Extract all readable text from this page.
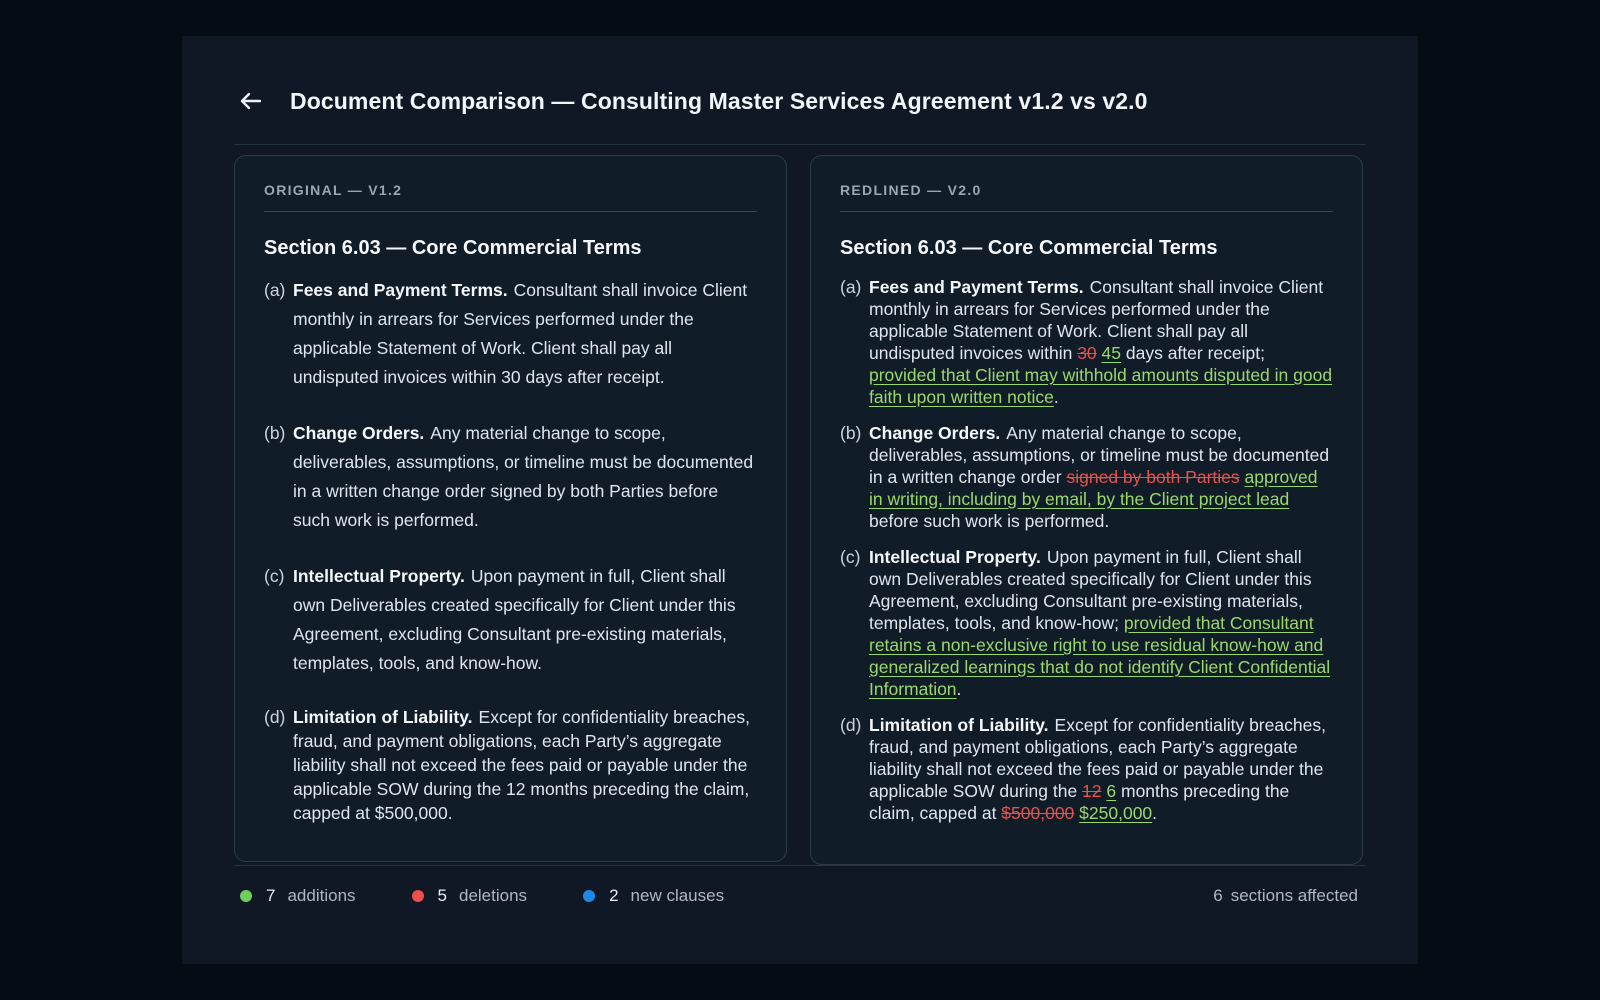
Document Comparison — Consulting Master Services Agreement v1.2 vs v2.0
ORIGINAL — V1.2
Section 6.03 — Core Commercial Terms
(a) Fees and Payment Terms. Consultant shall invoice Client monthly in arrears for Services performed under the applicable Statement of Work. Client shall pay all undisputed invoices within 30 days after receipt.
(b) Change Orders. Any material change to scope, deliverables, assumptions, or timeline must be documented in a written change order signed by both Parties before such work is performed.
(c) Intellectual Property. Upon payment in full, Client shall own Deliverables created specifically for Client under this Agreement, excluding Consultant pre-existing materials, templates, tools, and know-how.
(d) Limitation of Liability. Except for confidentiality breaches, fraud, and payment obligations, each Party’s aggregate liability shall not exceed the fees paid or payable under the applicable SOW during the 12 months preceding the claim, capped at $500,000.
REDLINED — V2.0
Section 6.03 — Core Commercial Terms
(a) Fees and Payment Terms. Consultant shall invoice Client monthly in arrears for Services performed under the applicable Statement of Work. Client shall pay all undisputed invoices within 30 45 days after receipt; provided that Client may withhold amounts disputed in good faith upon written notice.
(b) Change Orders. Any material change to scope, deliverables, assumptions, or timeline must be documented in a written change order signed by both Parties approved in writing, including by email, by the Client project lead before such work is performed.
(c) Intellectual Property. Upon payment in full, Client shall own Deliverables created specifically for Client under this Agreement, excluding Consultant pre-existing materials, templates, tools, and know-how; provided that Consultant retains a non-exclusive right to use residual know-how and generalized learnings that do not identify Client Confidential Information.
(d) Limitation of Liability. Except for confidentiality breaches, fraud, and payment obligations, each Party’s aggregate liability shall not exceed the fees paid or payable under the applicable SOW during the 12 6 months preceding the claim, capped at $500,000 $250,000.
7 additions	5 deletions	2 new clauses	6 sections affected
